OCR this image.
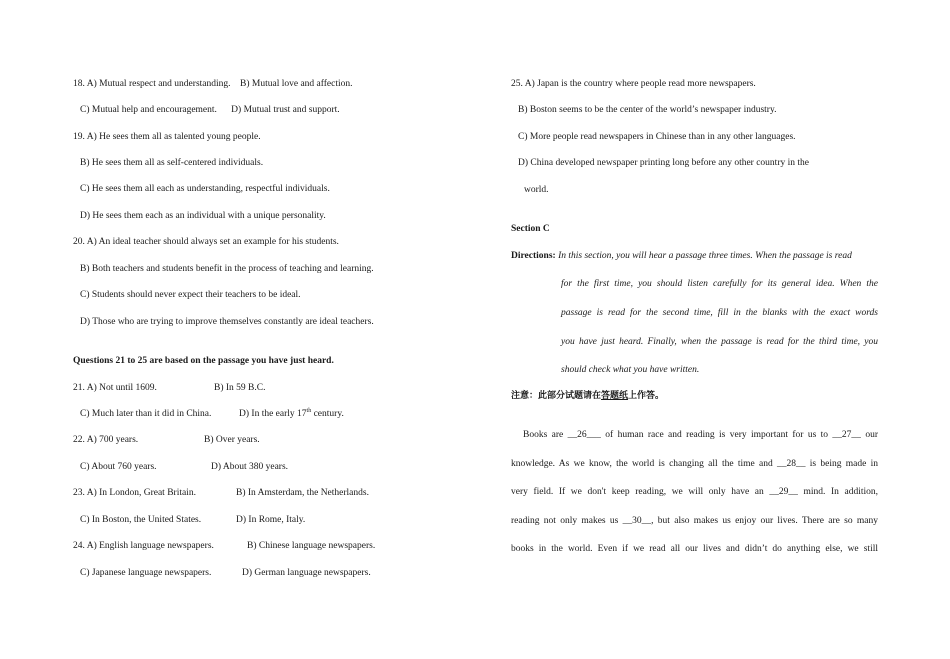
18. A) Mutual respect and understanding. B) Mutual love and affection.
C) Mutual help and encouragement. D) Mutual trust and support.
19. A) He sees them all as talented young people.
B) He sees them all as self-centered individuals.
C) He sees them all each as understanding, respectful individuals.
D) He sees them each as an individual with a unique personality.
20. A) An ideal teacher should always set an example for his students.
B) Both teachers and students benefit in the process of teaching and learning.
C) Students should never expect their teachers to be ideal.
D) Those who are trying to improve themselves constantly are ideal teachers.
Questions 21 to 25 are based on the passage you have just heard.
21. A) Not until 1609.	B) In 59 B.C.
C) Much later than it did in China.	D) In the early 17th century.
22. A) 700 years.	B) Over years.
C) About 760 years.	D) About 380 years.
23. A) In London, Great Britain.	B) In Amsterdam, the Netherlands.
C) In Boston, the United States.	D) In Rome, Italy.
24. A) English language newspapers.	B) Chinese language newspapers.
C) Japanese language newspapers.	D) German language newspapers.
25. A) Japan is the country where people read more newspapers.
B) Boston seems to be the center of the world’s newspaper industry.
C) More people read newspapers in Chinese than in any other languages.
D) China developed newspaper printing long before any other country in the
world.
Section C
Directions: In this section, you will hear a passage three times. When the passage is read
for the first time, you should listen carefully for its general idea. When the
passage is read for the second time, fill in the blanks with the exact words
you have just heard. Finally, when the passage is read for the third time, you
should check what you have written.
注意：此部分试题请在答题纸上作答。
Books are __26___ of human race and reading is very important for us to __27__ our
knowledge. As we know, the world is changing all the time and __28__ is being made in
very field. If we don't keep reading, we will only have an __29__ mind. In addition,
reading not only makes us __30__, but also makes us enjoy our lives. There are so many
books in the world. Even if we read all our lives and didn’t do anything else, we still
